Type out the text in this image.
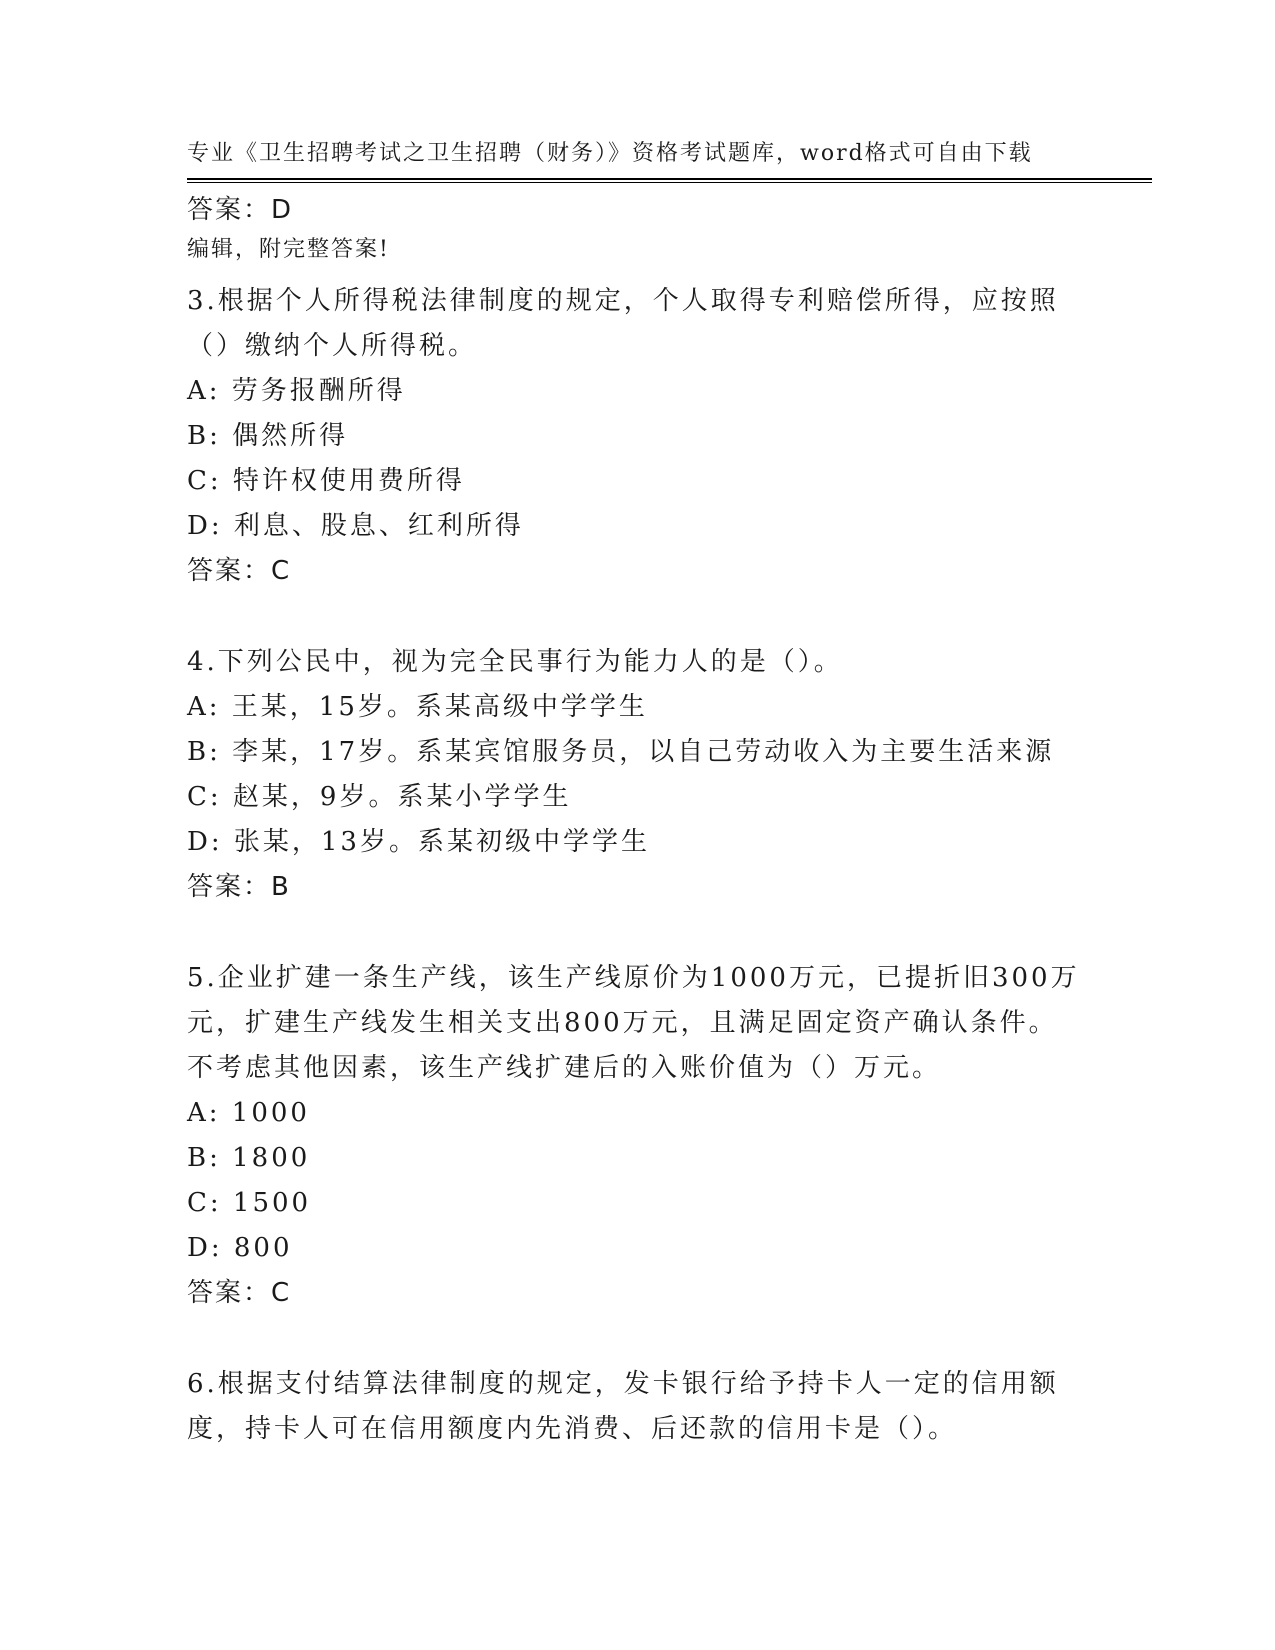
专业《卫生招聘考试之卫生招聘（财务）》资格考试题库，word格式可自由下载

编辑，附完整答案!

答案：D
3.根据个人所得税法律制度的规定，个人取得专利赔偿所得，应按照
（）缴纳个人所得税。
A: 劳务报酬所得
B: 偶然所得
C: 特许权使用费所得
D: 利息、股息、红利所得
答案：C
4.下列公民中，视为完全民事行为能力人的是（）。
A: 王某，15岁。系某高级中学学生
B: 李某，17岁。系某宾馆服务员，以自己劳动收入为主要生活来源
C: 赵某，9岁。系某小学学生
D: 张某，13岁。系某初级中学学生
答案：B
5.企业扩建一条生产线，该生产线原价为1000万元，已提折旧300万
元，扩建生产线发生相关支出800万元，且满足固定资产确认条件。
不考虑其他因素，该生产线扩建后的入账价值为（）万元。
A: 1000
B: 1800
C: 1500
D: 800
答案：C
6.根据支付结算法律制度的规定，发卡银行给予持卡人一定的信用额
度，持卡人可在信用额度内先消费、后还款的信用卡是（）。
